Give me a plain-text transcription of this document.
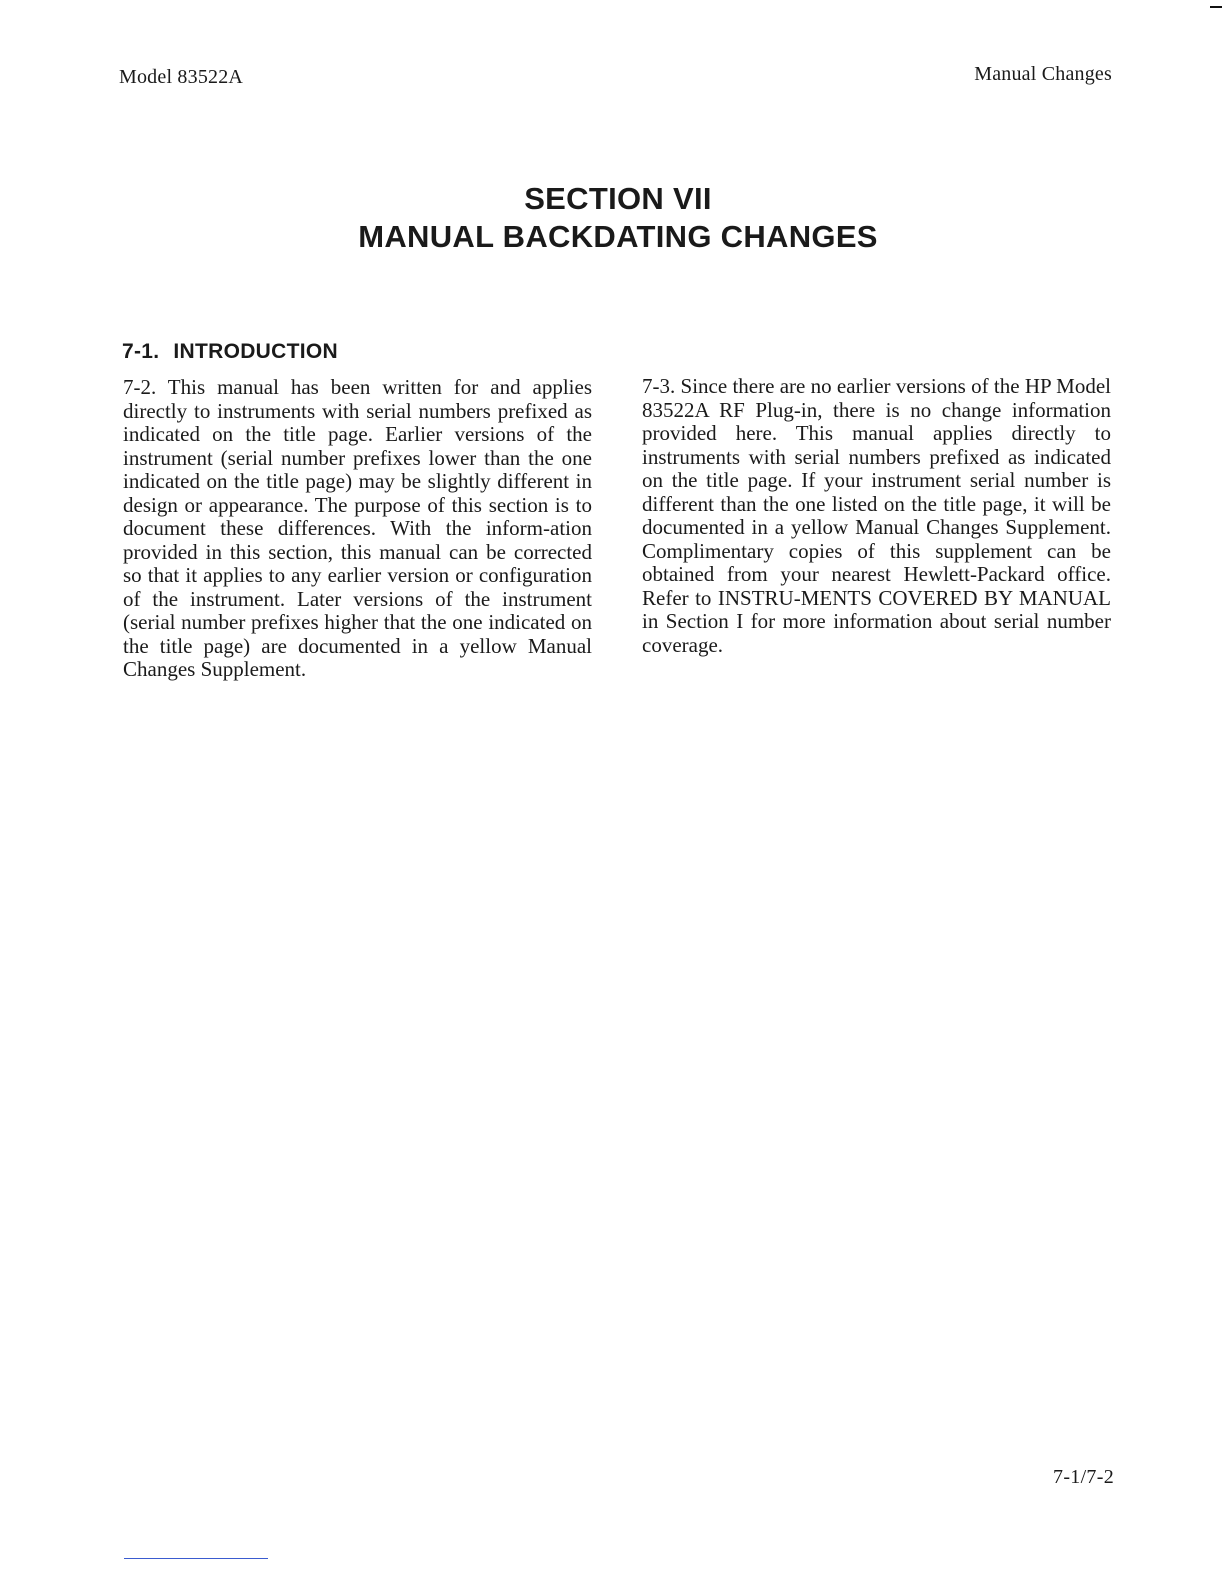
Model 83522A	Manual Changes
SECTION VII
MANUAL BACKDATING CHANGES
7-1. INTRODUCTION

7-2. This manual has been written for and applies directly to instruments with serial numbers prefixed as indicated on the title page. Earlier versions of the instrument (serial number prefixes lower than the one indicated on the title page) may be slightly different in design or appearance. The purpose of this section is to document these differences. With the inform-ation provided in this section, this manual can be corrected so that it applies to any earlier version or configuration of the instrument. Later versions of the instrument (serial number prefixes higher that the one indicated on the title page) are documented in a yellow Manual Changes Supplement.

7-3. Since there are no earlier versions of the HP Model 83522A RF Plug-in, there is no change information provided here. This manual applies directly to instruments with serial numbers prefixed as indicated on the title page. If your instrument serial number is different than the one listed on the title page, it will be documented in a yellow Manual Changes Supplement. Complimentary copies of this supplement can be obtained from your nearest Hewlett-Packard office. Refer to INSTRU-MENTS COVERED BY MANUAL in Section I for more information about serial number coverage.

7-1/7-2
